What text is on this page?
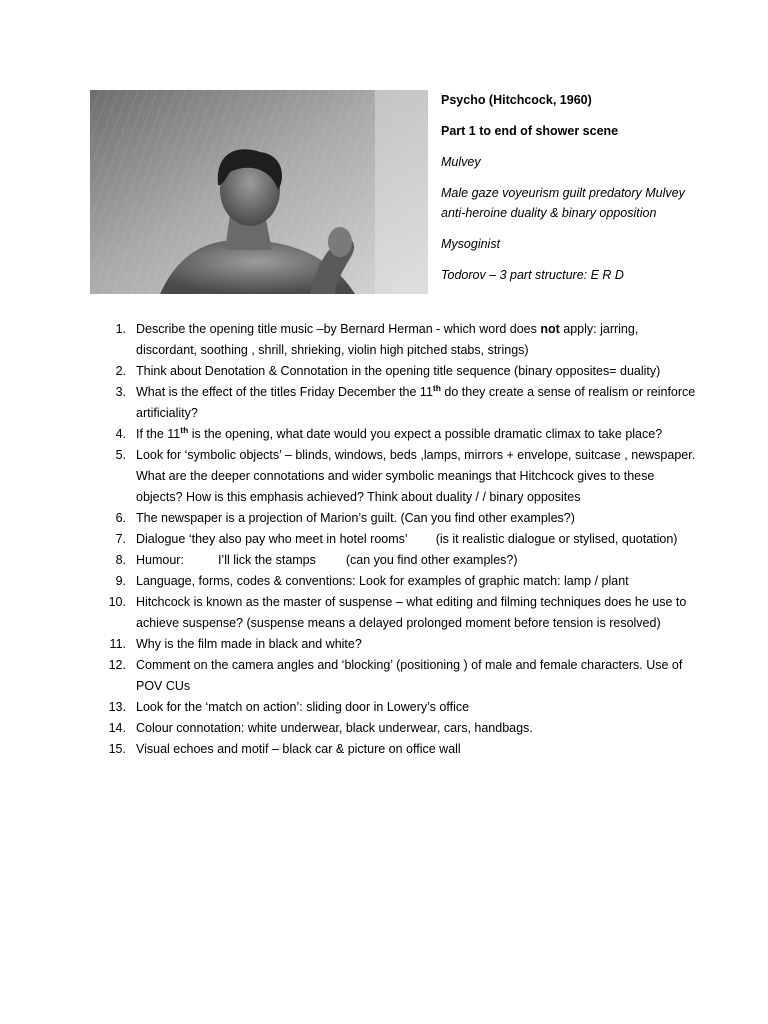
Psycho (Hitchcock, 1960)

Part 1 to end of shower scene

Mulvey

Male gaze voyeurism guilt predatory Mulvey anti-heroine duality & binary opposition

Mysoginist

Todorov – 3 part structure: E R D

1. Describe the opening title music –by Bernard Herman - which word does not apply: jarring, discordant, soothing , shrill, shrieking, violin high pitched stabs, strings)
2. Think about Denotation & Connotation in the opening title sequence (binary opposites= duality)
3. What is the effect of the titles Friday December the 11th do they create a sense of realism or reinforce artificiality?
4. If the 11th is the opening, what date would you expect a possible dramatic climax to take place?
5. Look for ‘symbolic objects’ – blinds, windows, beds ,lamps, mirrors + envelope, suitcase , newspaper. What are the deeper connotations and wider symbolic meanings that Hitchcock gives to these objects? How is this emphasis achieved? Think about duality / / binary opposites
6. The newspaper is a projection of Marion’s guilt. (Can you find other examples?)
7. Dialogue ‘they also pay who meet in hotel rooms’ (is it realistic dialogue or stylised, quotation)
8. Humour:	I’ll lick the stamps (can you find other examples?)
9. Language, forms, codes & conventions: Look for examples of graphic match: lamp / plant
10. Hitchcock is known as the master of suspense – what editing and filming techniques does he use to achieve suspense? (suspense means a delayed prolonged moment before tension is resolved)
11. Why is the film made in black and white?
12. Comment on the camera angles and ‘blocking’ (positioning ) of male and female characters. Use of POV CUs
13. Look for the ‘match on action’: sliding door in Lowery’s office
14. Colour connotation: white underwear, black underwear, cars, handbags.
15. Visual echoes and motif – black car & picture on office wall
